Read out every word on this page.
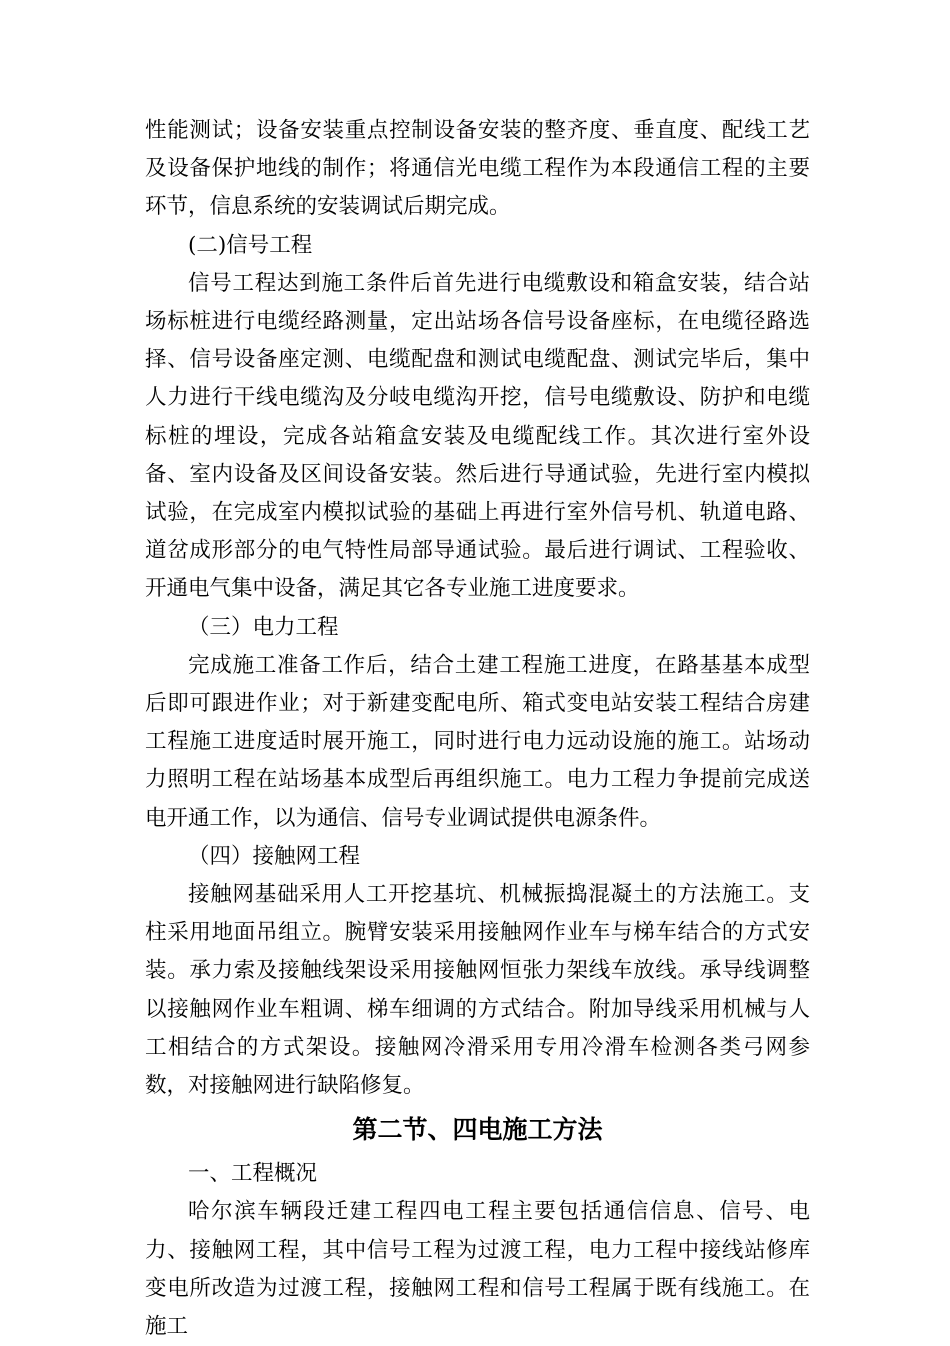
性能测试；设备安装重点控制设备安装的整齐度、垂直度、配线工艺及设备保护地线的制作；将通信光电缆工程作为本段通信工程的主要环节，信息系统的安装调试后期完成。

(二)信号工程

信号工程达到施工条件后首先进行电缆敷设和箱盒安装，结合站场标桩进行电缆经路测量，定出站场各信号设备座标，在电缆径路选择、信号设备座定测、电缆配盘和测试电缆配盘、测试完毕后，集中人力进行干线电缆沟及分岐电缆沟开挖，信号电缆敷设、防护和电缆标桩的埋设，完成各站箱盒安装及电缆配线工作。其次进行室外设备、室内设备及区间设备安装。然后进行导通试验，先进行室内模拟试验，在完成室内模拟试验的基础上再进行室外信号机、轨道电路、道岔成形部分的电气特性局部导通试验。最后进行调试、工程验收、开通电气集中设备，满足其它各专业施工进度要求。

（三）电力工程

完成施工准备工作后，结合土建工程施工进度，在路基基本成型后即可跟进作业；对于新建变配电所、箱式变电站安装工程结合房建工程施工进度适时展开施工，同时进行电力远动设施的施工。站场动力照明工程在站场基本成型后再组织施工。电力工程力争提前完成送电开通工作，以为通信、信号专业调试提供电源条件。

（四）接触网工程

接触网基础采用人工开挖基坑、机械振捣混凝土的方法施工。支柱采用地面吊组立。腕臂安装采用接触网作业车与梯车结合的方式安装。承力索及接触线架设采用接触网恒张力架线车放线。承导线调整以接触网作业车粗调、梯车细调的方式结合。附加导线采用机械与人工相结合的方式架设。接触网冷滑采用专用冷滑车检测各类弓网参数，对接触网进行缺陷修复。

第二节、四电施工方法

一、工程概况

哈尔滨车辆段迁建工程四电工程主要包括通信信息、信号、电力、接触网工程，其中信号工程为过渡工程，电力工程中接线站修库变电所改造为过渡工程，接触网工程和信号工程属于既有线施工。在施工
